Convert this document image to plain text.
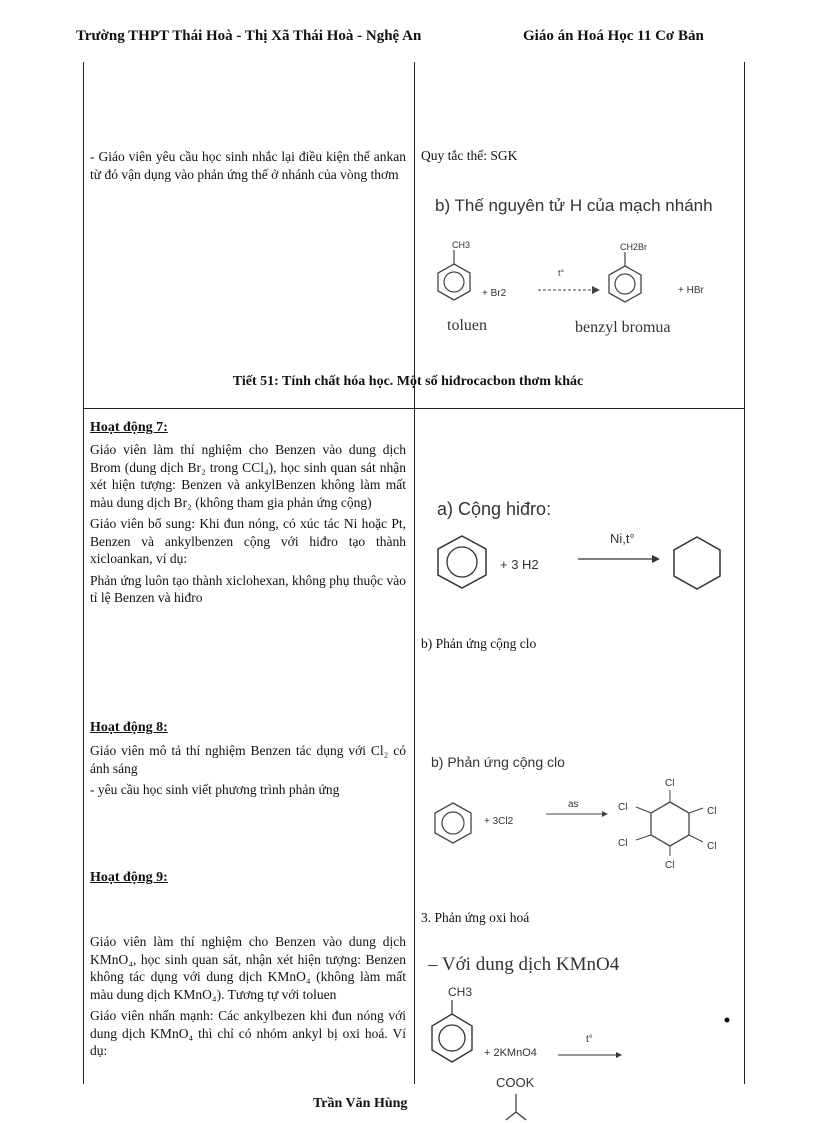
Trường THPT Thái Hoà - Thị Xã Thái Hoà - Nghệ An	Giáo án Hoá Học 11 Cơ Bản
- Giáo viên yêu cầu học sinh nhắc lại điều kiện thế ankan từ đó vận dụng vào phản ứng thế ở nhánh của vòng thơm
Quy tắc thế: SGK
b) Thế nguyên tử H của mạch nhánh
CH3
+ Br2
t°
CH2Br
+ HBr
toluen	benzyl bromua
Tiết 51: Tính chất hóa học. Một số hiđrocacbon thơm khác
Hoạt động 7:

Giáo viên làm thí nghiệm cho Benzen vào dung dịch Brom (dung dịch Br₂ trong CCl₄), học sinh quan sát nhận xét hiện tượng: Benzen và ankylBenzen không làm mất màu dung dịch Br₂ (không tham gia phản ứng cộng)

Giáo viên bổ sung: Khi đun nóng, có xúc tác Ni hoặc Pt, Benzen và ankylbenzen cộng với hiđro tạo thành xicloankan, ví dụ:

Phản ứng luôn tạo thành xiclohexan, không phụ thuộc vào tỉ lệ Benzen và hiđro

a) Cộng hiđro:
+ 3 H2
Ni,t°
b) Phản ứng cộng clo
Hoạt động 8:

Giáo viên mô tả thí nghiệm Benzen tác dụng với Cl₂ có ánh sáng

- yêu cầu học sinh viết phương trình phản ứng

b) Phản ứng cộng clo
+ 3Cl2
as
Cl
Cl
Cl
Cl
Cl
Cl
Hoạt động 9:

Giáo viên làm thí nghiệm cho Benzen vào dung dịch KMnO₄, học sinh quan sát, nhận xét hiện tượng: Benzen không tác dụng với dung dịch KMnO₄ (không làm mất màu dung dịch KMnO₄). Tương tự với toluen

Giáo viên nhấn mạnh: Các ankylbezen khi đun nóng với dung dịch KMnO₄ thì chỉ có nhóm ankyl bị oxi hoá. Ví dụ:

3. Phản ứng oxi hoá
– Với dung dịch KMnO4
CH3
+ 2KMnO4
t°
COOK
Trần Văn Hùng
